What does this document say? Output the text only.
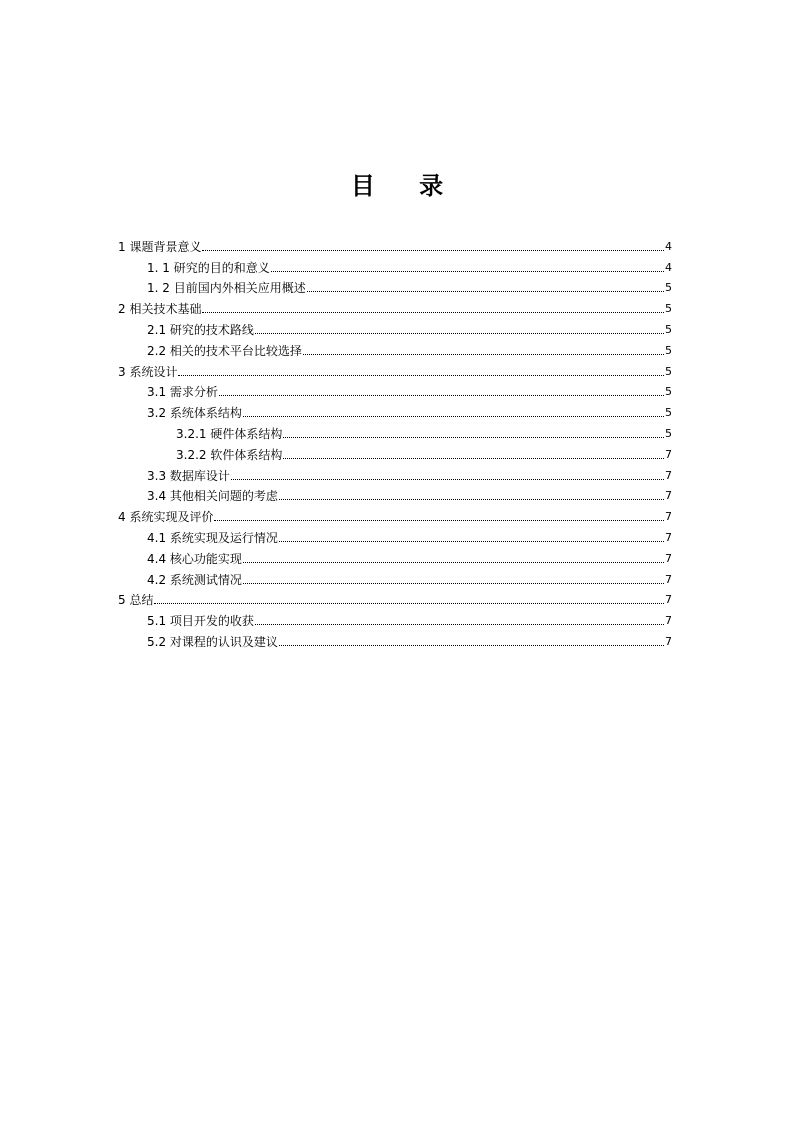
目 录
1 课题背景意义	4
1. 1 研究的目的和意义	4
1. 2 目前国内外相关应用概述	5
2 相关技术基础	5
2.1 研究的技术路线	5
2.2 相关的技术平台比较选择	5
3 系统设计	5
3.1 需求分析	5
3.2 系统体系结构	5
3.2.1 硬件体系结构	5
3.2.2 软件体系结构	7
3.3 数据库设计	7
3.4 其他相关问题的考虑	7
4 系统实现及评价	7
4.1 系统实现及运行情况	7
4.4 核心功能实现	7
4.2 系统测试情况	7
5 总结	7
5.1 项目开发的收获	7
5.2 对课程的认识及建议	7
